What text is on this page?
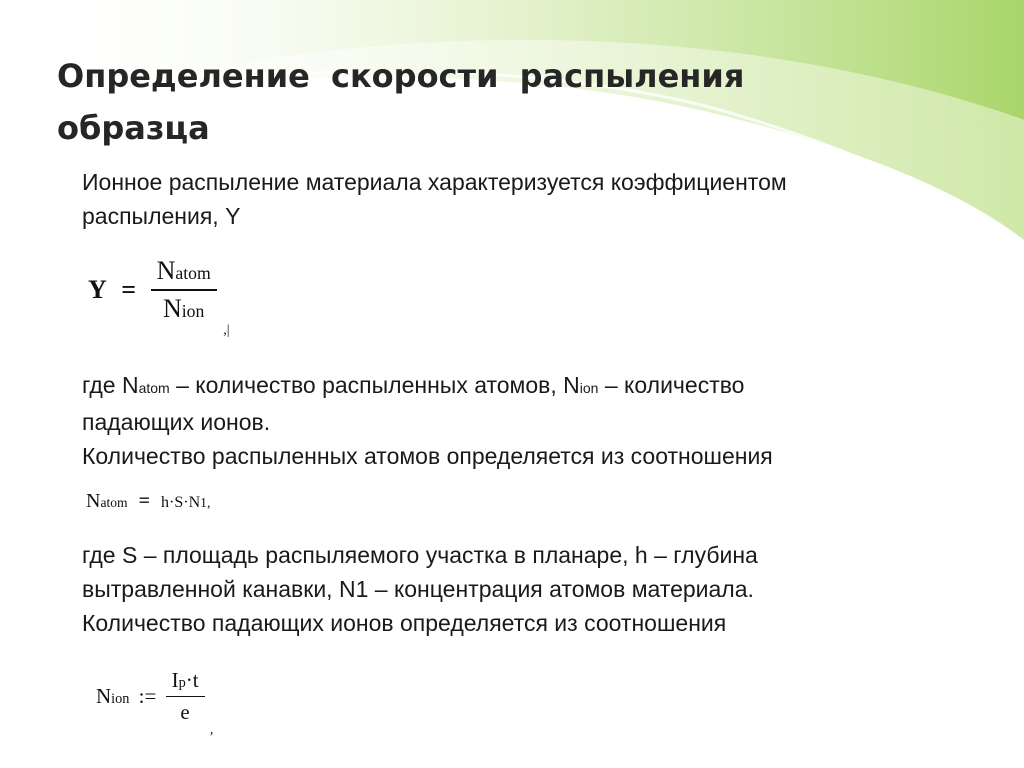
Определение скорости распыления
образца
Ионное распыление материала характеризуется коэффициентом
распыления, Y
$Y = \frac{\text{Natom}}{\text{Nion}}$
$_{,|}$
где Natom – количество распыленных атомов, Nion – количество
падающих ионов.
Количество распыленных атомов определяется из соотношения
Natom = h·S·N1,
где S – площадь распыляемого участка в планаре, h – глубина
вытравленной канавки, N1 – концентрация атомов материала.
Количество падающих ионов определяется из соотношения
Nion := $\frac{Ip\cdot t}{e}$
$_,$
